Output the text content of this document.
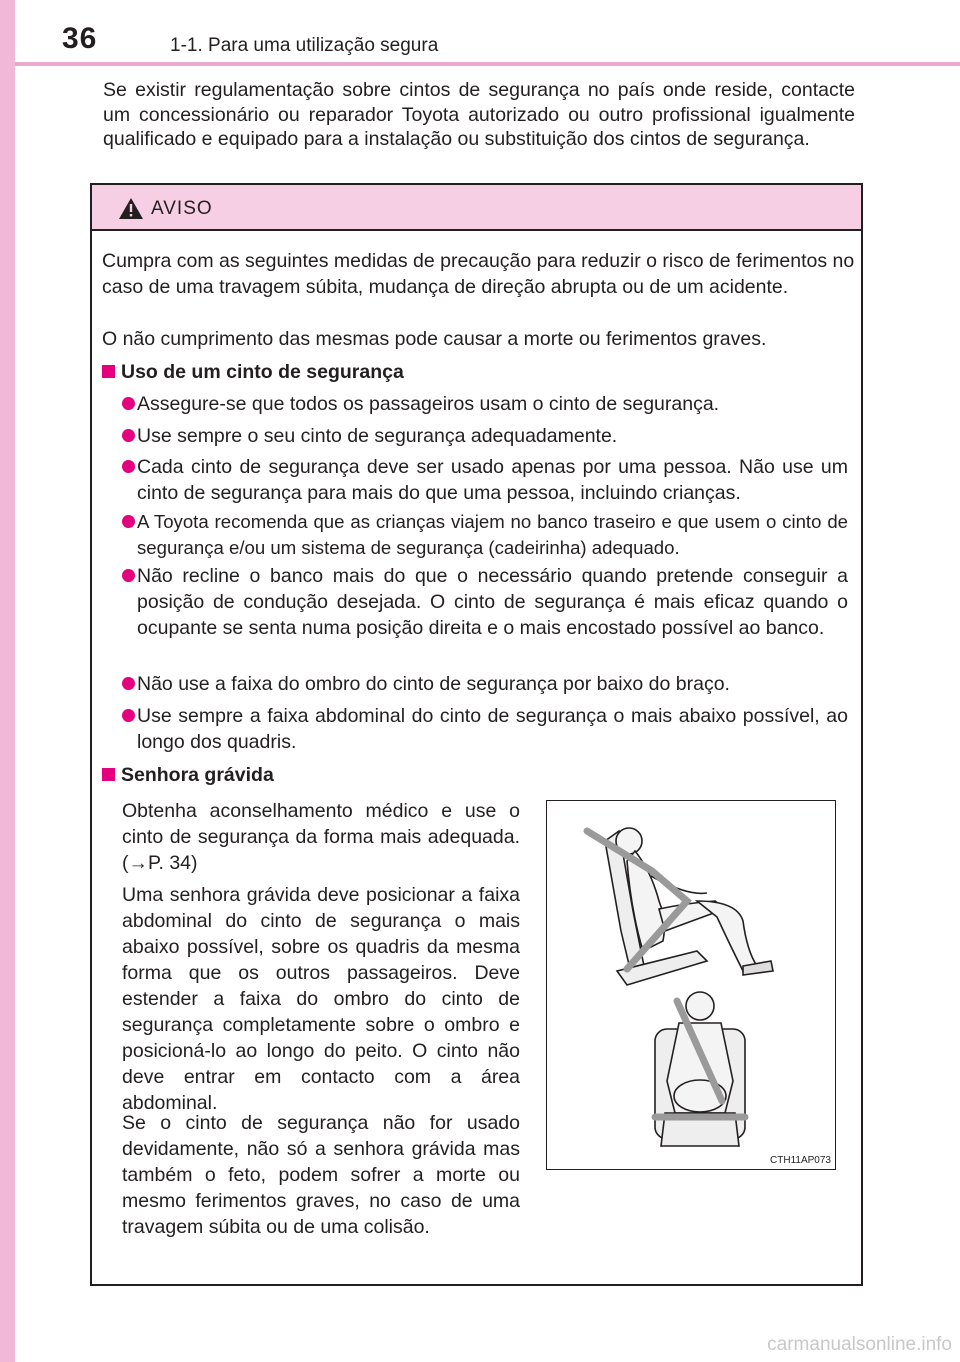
36	1-1. Para uma utilização segura

Se existir regulamentação sobre cintos de segurança no país onde reside, contacte um concessionário ou reparador Toyota autorizado ou outro profissional igualmente qualificado e equipado para a instalação ou substituição dos cintos de segurança.

AVISO
Cumpra com as seguintes medidas de precaução para reduzir o risco de ferimentos no caso de uma travagem súbita, mudança de direção abrupta ou de um acidente.
O não cumprimento das mesmas pode causar a morte ou ferimentos graves.
Uso de um cinto de segurança
Assegure-se que todos os passageiros usam o cinto de segurança.
Use sempre o seu cinto de segurança adequadamente.
Cada cinto de segurança deve ser usado apenas por uma pessoa. Não use um cinto de segurança para mais do que uma pessoa, incluindo crianças.
A Toyota recomenda que as crianças viajem no banco traseiro e que usem o cinto de segurança e/ou um sistema de segurança (cadeirinha) adequado.
Não recline o banco mais do que o necessário quando pretende conseguir a posição de condução desejada. O cinto de segurança é mais eficaz quando o ocupante se senta numa posição direita e o mais encostado possível ao banco.
Não use a faixa do ombro do cinto de segurança por baixo do braço.
Use sempre a faixa abdominal do cinto de segurança o mais abaixo possível, ao longo dos quadris.
Senhora grávida
Obtenha aconselhamento médico e use o cinto de segurança da forma mais adequada. (→P. 34)
Uma senhora grávida deve posicionar a faixa abdominal do cinto de segurança o mais abaixo possível, sobre os quadris da mesma forma que os outros passageiros. Deve estender a faixa do ombro do cinto de segurança completamente sobre o ombro e posicioná-lo ao longo do peito. O cinto não deve entrar em contacto com a área abdominal.
Se o cinto de segurança não for usado devidamente, não só a senhora grávida mas também o feto, podem sofrer a morte ou mesmo ferimentos graves, no caso de uma travagem súbita ou de uma colisão.
CTH11AP073
carmanualsonline.info
